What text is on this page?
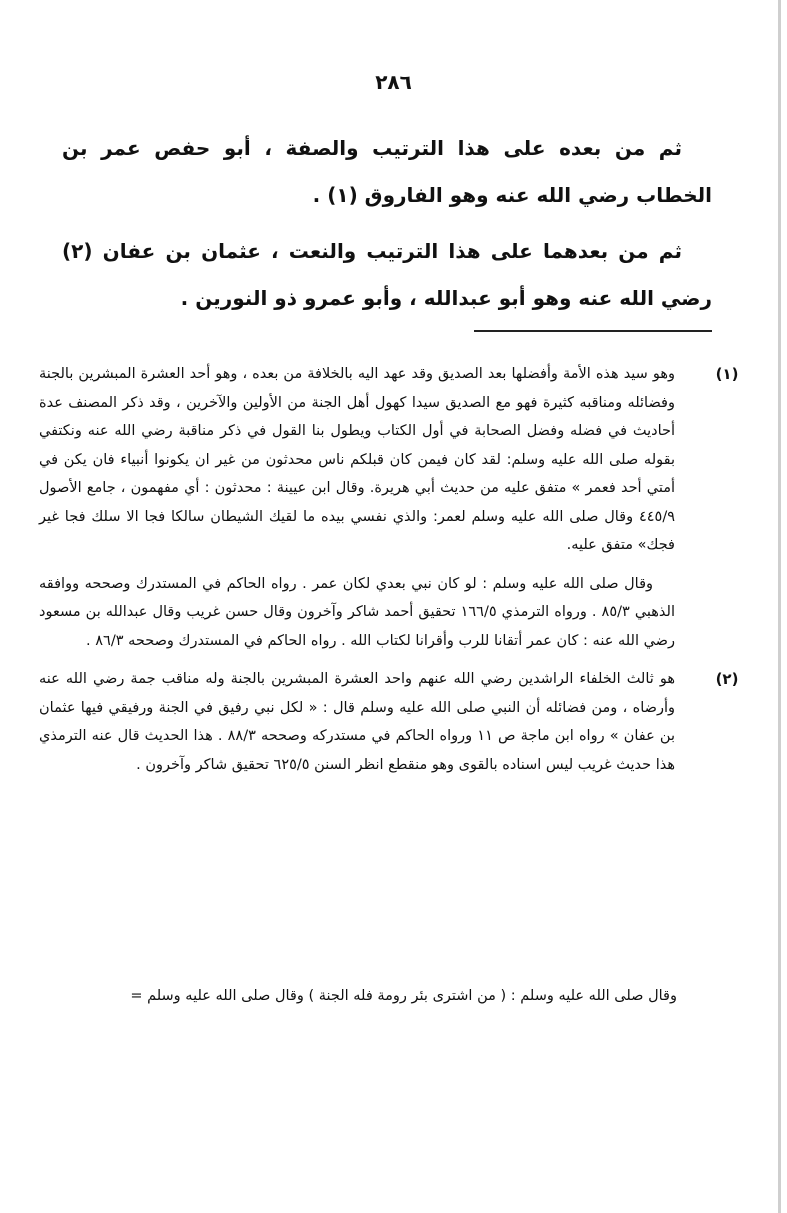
٢٨٦

ثم من بعده على هذا الترتيب والصفة ، أبو حفص عمر بن الخطاب رضي الله عنه وهو الفاروق (١) .

ثم من بعدهما على هذا الترتيب والنعت ، عثمان بن عفان (٢) رضي الله عنه وهو أبو عبدالله ، وأبو عمرو ذو النورين .

(١)

وهو سيد هذه الأمة وأفضلها بعد الصديق وقد عهد اليه بالخلافة من بعده ، وهو أحد العشرة المبشرين بالجنة وفضائله ومناقبه كثيرة فهو مع الصديق سيدا كهول أهل الجنة من الأولين والآخرين ، وقد ذكر المصنف عدة أحاديث في فضله وفضل الصحابة في أول الكتاب ويطول بنا القول في ذكر مناقبة رضي الله عنه ونكتفي بقوله صلى الله عليه وسلم: لقد كان فيمن كان قبلكم ناس محدثون من غير ان يكونوا أنبياء فان يكن في أمتي أحد فعمر » متفق عليه من حديث أبي هريرة. وقال ابن عيينة : محدثون : أي مفهمون ، جامع الأصول ٤٤٥/٩ وقال صلى الله عليه وسلم لعمر: والذي نفسي بيده ما لقيك الشيطان سالكا فجا الا سلك فجا غير فجك» متفق عليه.

وقال صلى الله عليه وسلم : لو كان نبي بعدي لكان عمر . رواه الحاكم في المستدرك وصححه ووافقه الذهبي ٨٥/٣ . ورواه الترمذي ١٦٦/٥ تحقيق أحمد شاكر وآخرون وقال حسن غريب وقال عبدالله بن مسعود رضي الله عنه : كان عمر أتقانا للرب وأقرانا لكتاب الله . رواه الحاكم في المستدرك وصححه ٨٦/٣ .

(٢)

هو ثالث الخلفاء الراشدين رضي الله عنهم واحد العشرة المبشرين بالجنة وله مناقب جمة رضي الله عنه وأرضاه ، ومن فضائله أن النبي صلى الله عليه وسلم قال : « لكل نبي رفيق في الجنة ورفيقي فيها عثمان بن عفان » رواه ابن ماجة ص ١١ ورواه الحاكم في مستدركه وصححه ٨٨/٣ . هذا الحديث قال عنه الترمذي هذا حديث غريب ليس اسناده بالقوى وهو منقطع انظر السنن ٦٢٥/٥ تحقيق شاكر وآخرون .

وقال صلى الله عليه وسلم : ( من اشترى بئر رومة فله الجنة ) وقال صلى الله عليه وسلم =
